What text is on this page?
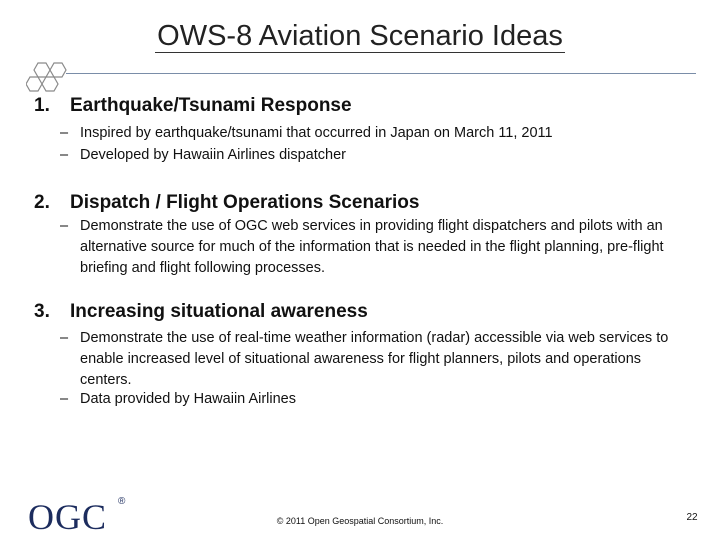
OWS-8 Aviation Scenario Ideas
1. Earthquake/Tsunami Response
– Inspired by earthquake/tsunami that occurred in Japan on March 11, 2011
– Developed by Hawaiin Airlines dispatcher
2. Dispatch / Flight Operations Scenarios
– Demonstrate the use of OGC web services in providing flight dispatchers and pilots with an alternative source for much of the information that is needed in the flight planning, pre-flight briefing and flight following processes.
3. Increasing situational awareness
– Demonstrate the use of real-time weather information (radar) accessible via web services to enable increased level of situational awareness for flight planners, pilots and operations centers.
– Data provided by Hawaiin Airlines
OGC ®
© 2011 Open Geospatial Consortium, Inc.	22
